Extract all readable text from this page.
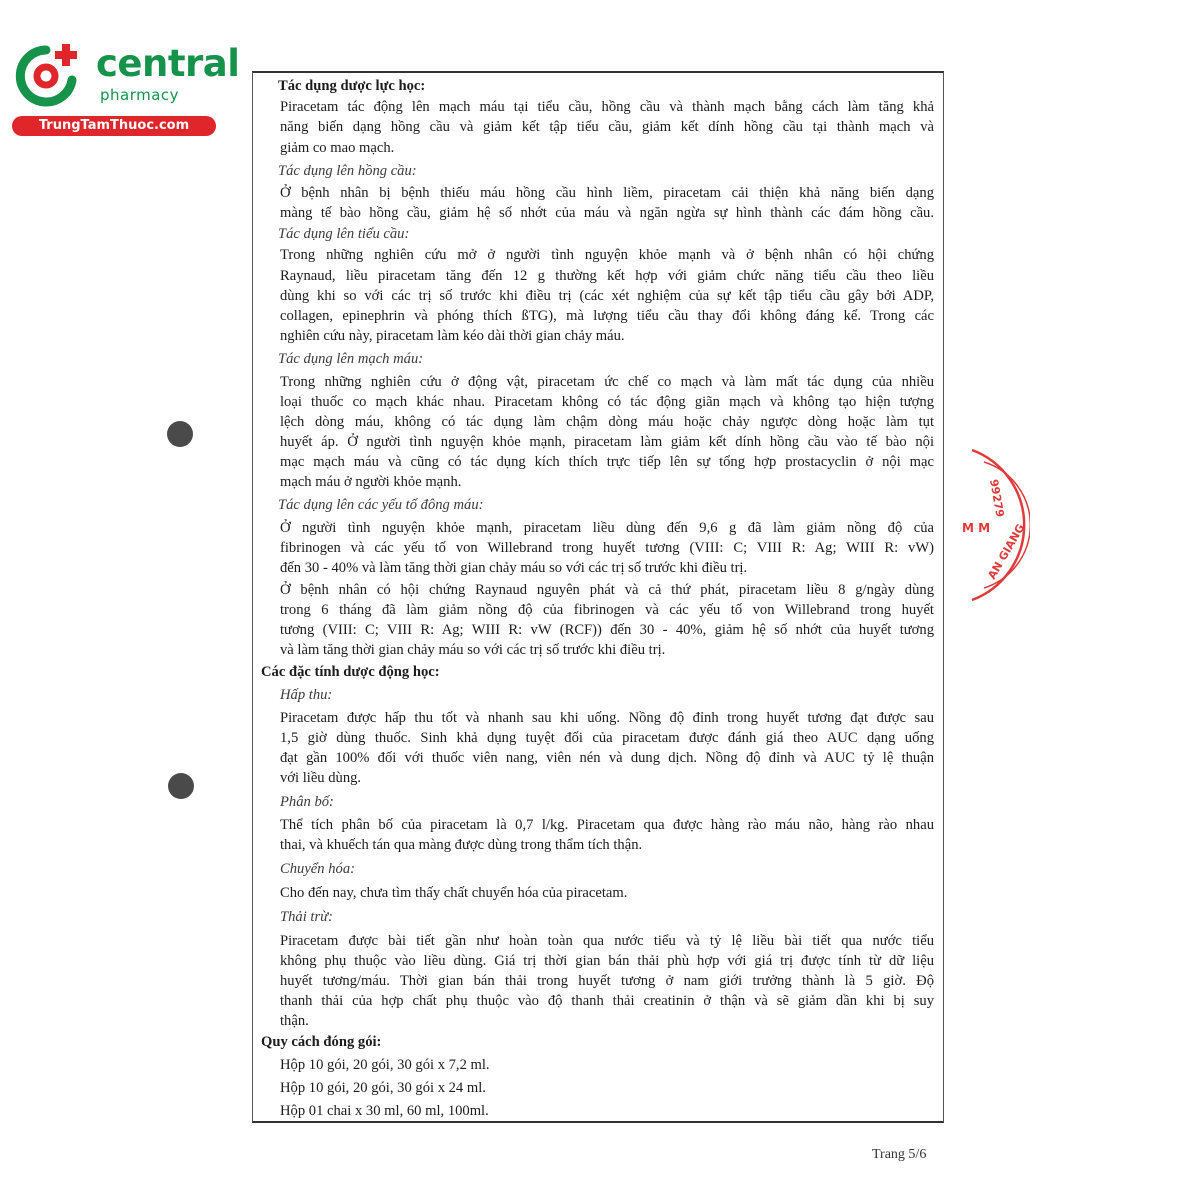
central
pharmacy
TrungTamThuoc.com
99279
M M
AN GIANG
Tác dụng dược lực học:
Piracetam tác động lên mạch máu tại tiểu cầu, hồng cầu và thành mạch bằng cách làm tăng khả
năng biến dạng hồng cầu và giảm kết tập tiểu cầu, giảm kết dính hồng cầu tại thành mạch và
giảm co mao mạch.
Tác dụng lên hồng cầu:
Ở bệnh nhân bị bệnh thiếu máu hồng cầu hình liềm, piracetam cải thiện khả năng biến dạng
màng tế bào hồng cầu, giảm hệ số nhớt của máu và ngăn ngừa sự hình thành các đám hồng cầu.
Tác dụng lên tiểu cầu:
Trong những nghiên cứu mở ở người tình nguyện khỏe mạnh và ở bệnh nhân có hội chứng
Raynaud, liều piracetam tăng đến 12 g thường kết hợp với giảm chức năng tiểu cầu theo liều
dùng khi so với các trị số trước khi điều trị (các xét nghiệm của sự kết tập tiểu cầu gây bởi ADP,
collagen, epinephrin và phóng thích ßTG), mà lượng tiểu cầu thay đổi không đáng kể. Trong các
nghiên cứu này, piracetam làm kéo dài thời gian chảy máu.
Tác dụng lên mạch máu:
Trong những nghiên cứu ở động vật, piracetam ức chế co mạch và làm mất tác dụng của nhiều
loại thuốc co mạch khác nhau. Piracetam không có tác động giãn mạch và không tạo hiện tượng
lệch dòng máu, không có tác dụng làm chậm dòng máu hoặc chảy ngược dòng hoặc làm tụt
huyết áp. Ở người tình nguyện khỏe mạnh, piracetam làm giảm kết dính hồng cầu vào tế bào nội
mạc mạch máu và cũng có tác dụng kích thích trực tiếp lên sự tổng hợp prostacyclin ở nội mạc
mạch máu ở người khỏe mạnh.
Tác dụng lên các yếu tố đông máu:
Ở người tình nguyện khỏe mạnh, piracetam liều dùng đến 9,6 g đã làm giảm nồng độ của
fibrinogen và các yếu tố von Willebrand trong huyết tương (VIII: C; VIII R: Ag; WIII R: vW)
đến 30 - 40% và làm tăng thời gian chảy máu so với các trị số trước khi điều trị.
Ở bệnh nhân có hội chứng Raynaud nguyên phát và cả thứ phát, piracetam liều 8 g/ngày dùng
trong 6 tháng đã làm giảm nồng độ của fibrinogen và các yếu tố von Willebrand trong huyết
tương (VIII: C; VIII R: Ag; WIII R: vW (RCF)) đến 30 - 40%, giảm hệ số nhớt của huyết tương
và làm tăng thời gian chảy máu so với các trị số trước khi điều trị.
Các đặc tính dược động học:
Hấp thu:
Piracetam được hấp thu tốt và nhanh sau khi uống. Nồng độ đỉnh trong huyết tương đạt được sau
1,5 giờ dùng thuốc. Sinh khả dụng tuyệt đối của piracetam được đánh giá theo AUC dạng uống
đạt gần 100% đối với thuốc viên nang, viên nén và dung dịch. Nồng độ đỉnh và AUC tỷ lệ thuận
với liều dùng.
Phân bố:
Thể tích phân bố của piracetam là 0,7 l/kg. Piracetam qua được hàng rào máu não, hàng rào nhau
thai, và khuếch tán qua màng được dùng trong thẩm tích thận.
Chuyển hóa:
Cho đến nay, chưa tìm thấy chất chuyển hóa của piracetam.
Thải trừ:
Piracetam được bài tiết gần như hoàn toàn qua nước tiểu và tỷ lệ liều bài tiết qua nước tiểu
không phụ thuộc vào liều dùng. Giá trị thời gian bán thải phù hợp với giá trị được tính từ dữ liệu
huyết tương/máu. Thời gian bán thải trong huyết tương ở nam giới trưởng thành là 5 giờ. Độ
thanh thải của hợp chất phụ thuộc vào độ thanh thải creatinin ở thận và sẽ giảm dần khi bị suy
thận.
Quy cách đóng gói:
Hộp 10 gói, 20 gói, 30 gói x 7,2 ml.
Hộp 10 gói, 20 gói, 30 gói x 24 ml.
Hộp 01 chai x 30 ml, 60 ml, 100ml.
Trang 5/6
